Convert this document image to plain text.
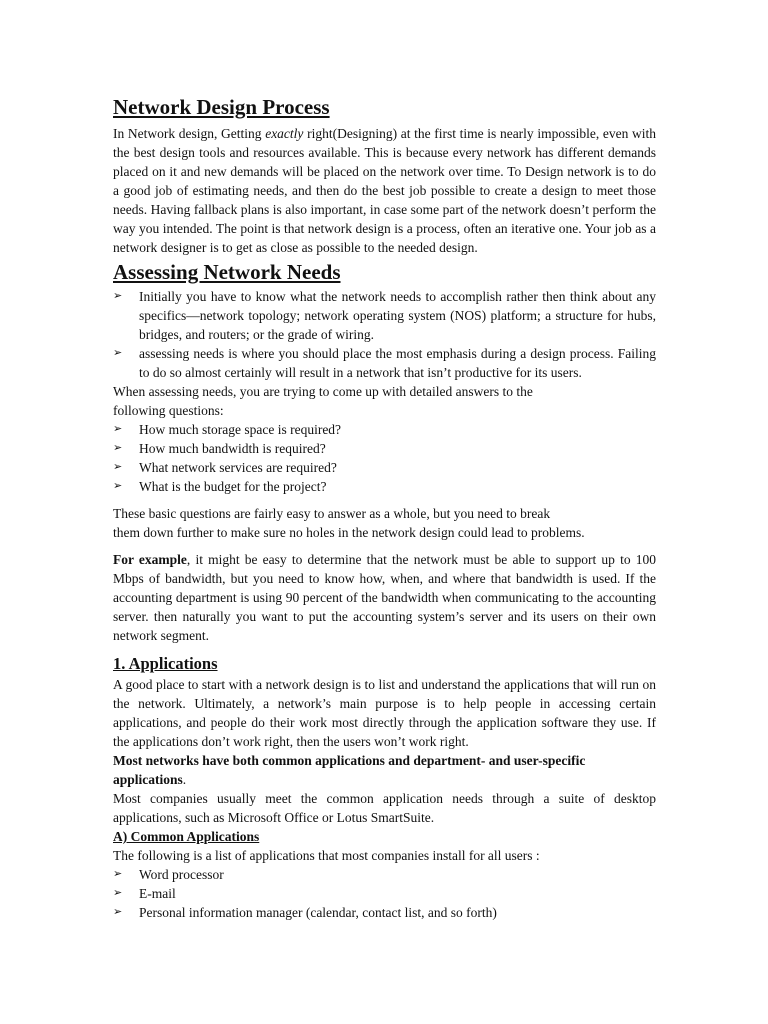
Network Design Process

In Network design, Getting exactly right(Designing) at the first time is nearly impossible, even with the best design tools and resources available. This is because every network has different demands placed on it and new demands will be placed on the network over time. To Design network is to do a good job of estimating needs, and then do the best job possible to create a design to meet those needs. Having fallback plans is also important, in case some part of the network doesn’t perform the way you intended. The point is that network design is a process, often an iterative one. Your job as a network designer is to get as close as possible to the needed design.

Assessing Network Needs
➢ Initially you have to know what the network needs to accomplish rather then think about any specifics—network topology; network operating system (NOS) platform; a structure for hubs, bridges, and routers; or the grade of wiring.
➢ assessing needs is where you should place the most emphasis during a design process. Failing to do so almost certainly will result in a network that isn’t productive for its users.

When assessing needs, you are trying to come up with detailed answers to the

following questions:

➢ How much storage space is required?
➢ How much bandwidth is required?
➢ What network services are required?
➢ What is the budget for the project?

These basic questions are fairly easy to answer as a whole, but you need to break

them down further to make sure no holes in the network design could lead to problems.

For example, it might be easy to determine that the network must be able to support up to 100 Mbps of bandwidth, but you need to know how, when, and where that bandwidth is used. If the accounting department is using 90 percent of the bandwidth when communicating to the accounting server. then naturally you want to put the accounting system’s server and its users on their own network segment.

1. Applications

A good place to start with a network design is to list and understand the applications that will run on the network. Ultimately, a network’s main purpose is to help people in accessing certain applications, and people do their work most directly through the application software they use. If the applications don’t work right, then the users won’t work right.

Most networks have both common applications and department- and user-specific applications.

Most companies usually meet the common application needs through a suite of desktop applications, such as Microsoft Office or Lotus SmartSuite.

A) Common Applications

The following is a list of applications that most companies install for all users :

➢ Word processor
➢ E-mail
➢ Personal information manager (calendar, contact list, and so forth)
